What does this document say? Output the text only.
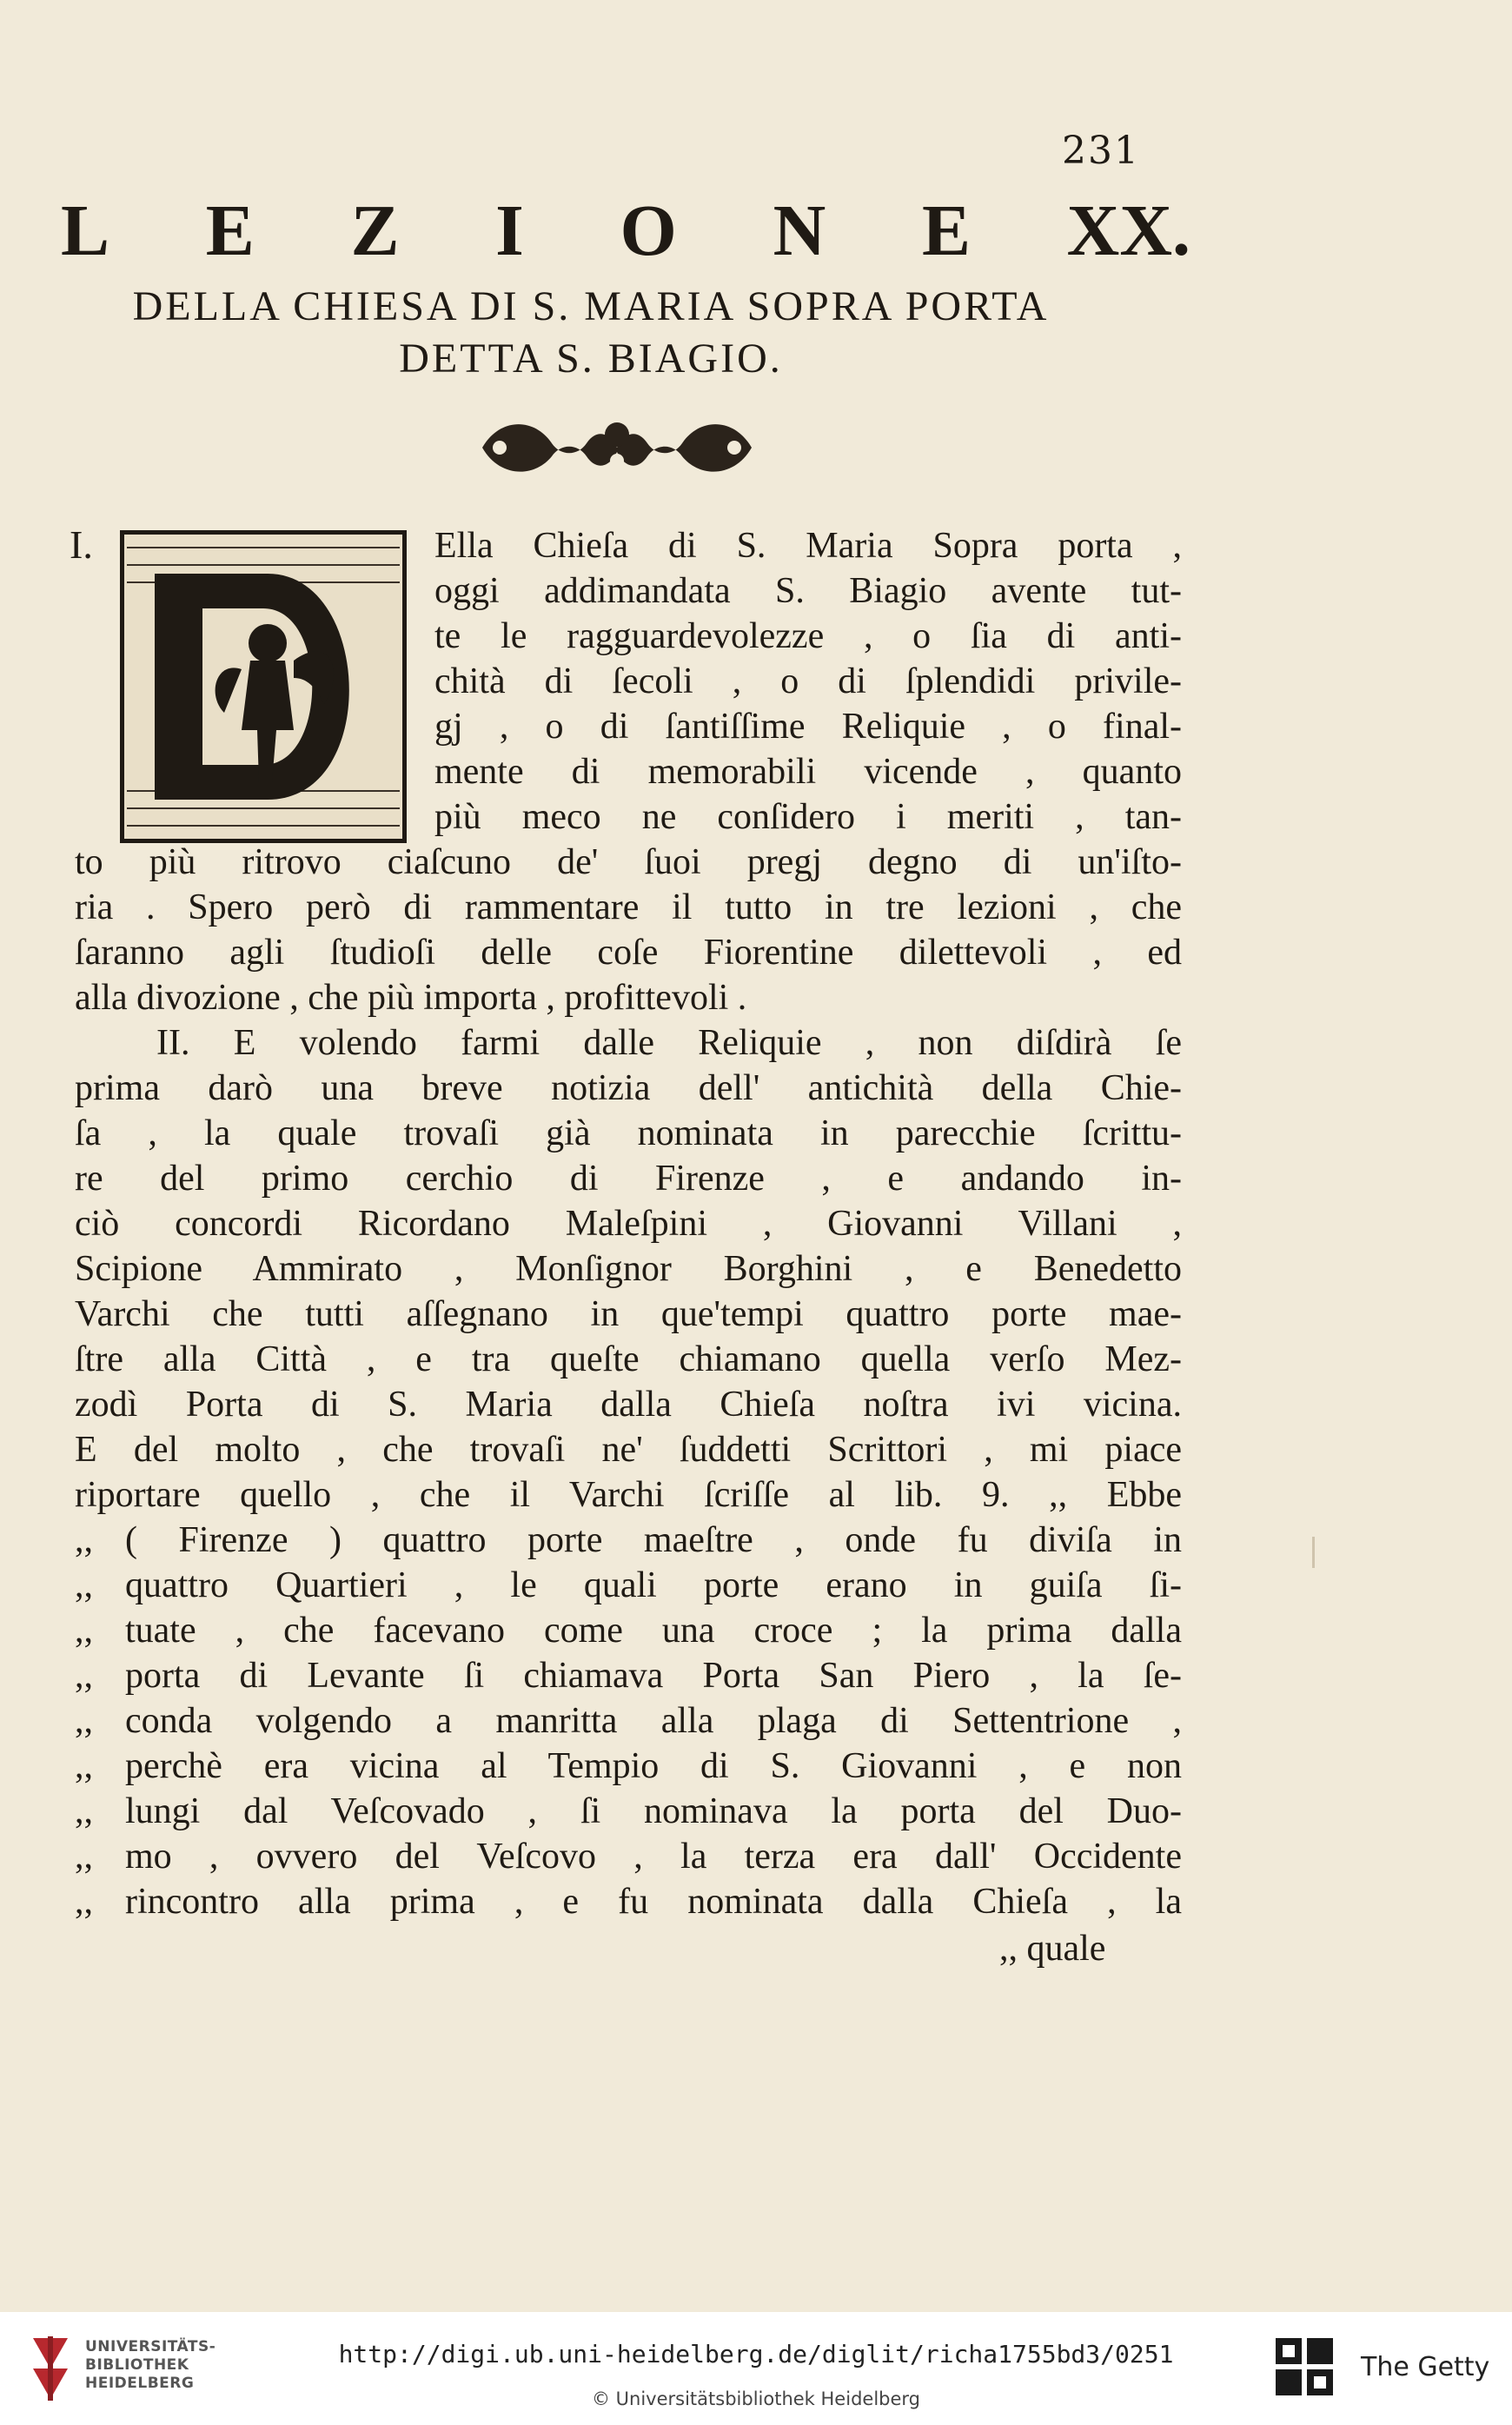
231
L E Z I O N E XX.
DELLA CHIESA DI S. MARIA SOPRA PORTA
DETTA S. BIAGIO.
I.	Ella Chieſa di S. Maria Sopra porta ,
oggi addimandata S. Biagio avente tut-
te le ragguardevolezze , o ſia di anti-
chità di ſecoli , o di ſplendidi privile-
gj , o di ſantiſſime Reliquie , o final-
mente di memorabili vicende , quanto
più meco ne conſidero i meriti , tan-
to più ritrovo ciaſcuno de' ſuoi pregj degno di un'iſto-
ria . Spero però di rammentare il tutto in tre lezioni , che
ſaranno agli ſtudioſi delle coſe Fiorentine dilettevoli , ed
alla divozione , che più importa , profittevoli .
II. E volendo farmi dalle Reliquie , non diſdirà ſe
prima darò una breve notizia dell' antichità della Chie-
ſa , la quale trovaſi già nominata in parecchie ſcrittu-
re del primo cerchio di Firenze , e andando in-
ciò concordi Ricordano Maleſpini , Giovanni Villani ,
Scipione Ammirato , Monſignor Borghini , e Benedetto
Varchi che tutti aſſegnano in que'tempi quattro porte mae-
ſtre alla Città , e tra queſte chiamano quella verſo Mez-
zodì Porta di S. Maria dalla Chieſa noſtra ivi vicina.
E del molto , che trovaſi ne' ſuddetti Scrittori , mi piace
riportare quello , che il Varchi ſcriſſe al lib. 9. ,, Ebbe
,, ( Firenze ) quattro porte maeſtre , onde fu diviſa in
,, quattro Quartieri , le quali porte erano in guiſa ſi-
,, tuate , che facevano come una croce ; la prima dalla
,, porta di Levante ſi chiamava Porta San Piero , la ſe-
,, conda volgendo a manritta alla plaga di Settentrione ,
,, perchè era vicina al Tempio di S. Giovanni , e non
,, lungi dal Veſcovado , ſi nominava la porta del Duo-
,, mo , ovvero del Veſcovo , la terza era dall' Occidente
,, rincontro alla prima , e fu nominata dalla Chieſa , la
,, quale
UNIVERSITÄTS-
BIBLIOTHEK
HEIDELBERG
http://digi.ub.uni-heidelberg.de/diglit/richa1755bd3/0251
© Universitätsbibliothek Heidelberg
The Getty
